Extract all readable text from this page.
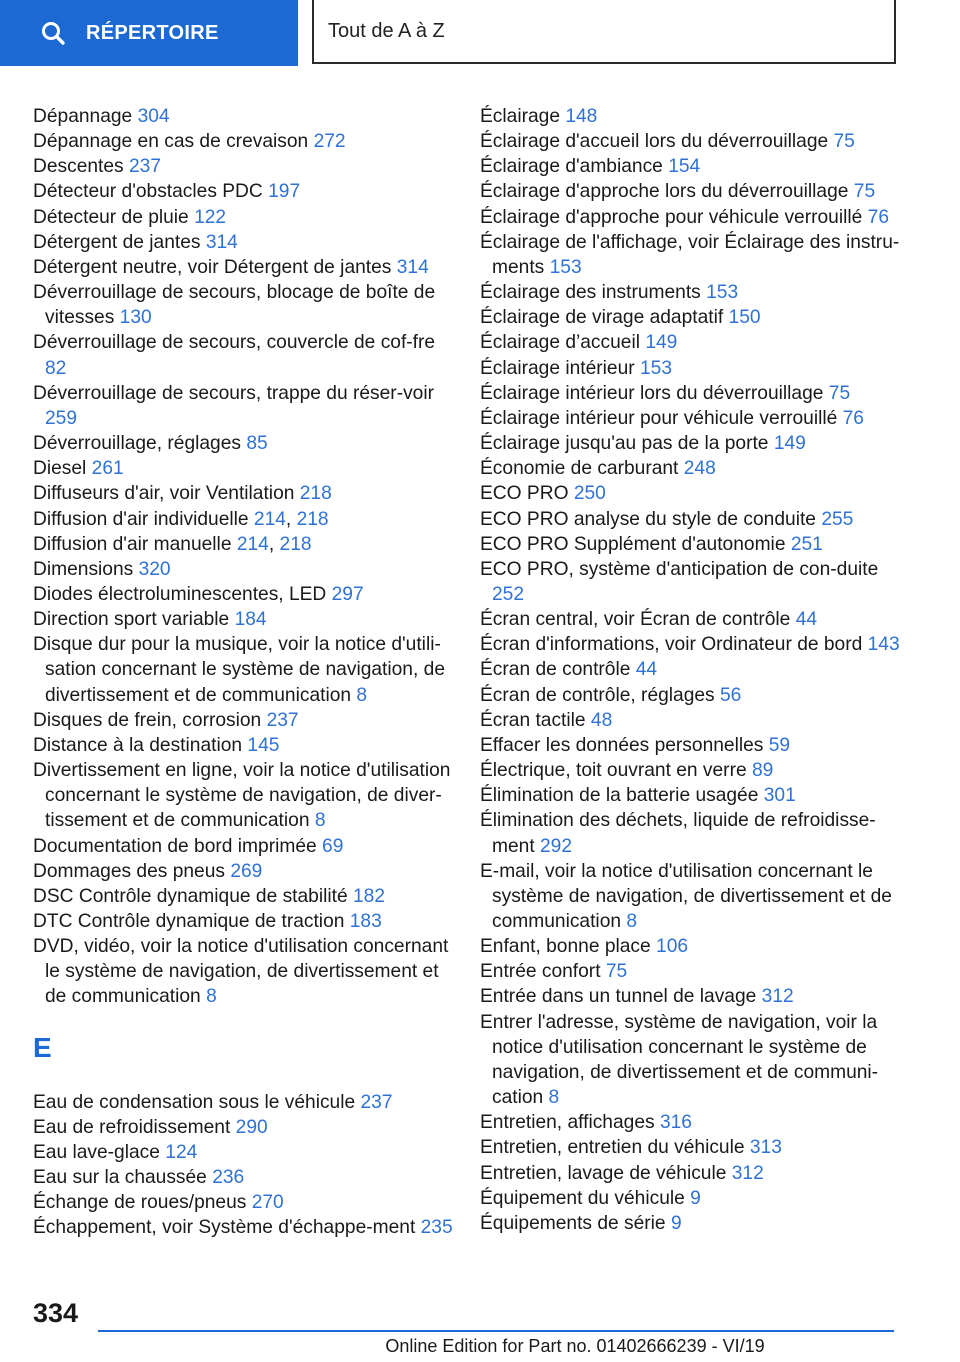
RÉPERTOIRE	Tout de A à Z

Dépannage 304

Dépannage en cas de crevaison 272

Descentes 237

Détecteur d'obstacles PDC 197

Détecteur de pluie 122

Détergent de jantes 314

Détergent neutre, voir Détergent de jantes 314

Déverrouillage de secours, blocage de boîte de vitesses 130

Déverrouillage de secours, couvercle de cof-fre 82

Déverrouillage de secours, trappe du réser-voir 259

Déverrouillage, réglages 85

Diesel 261

Diffuseurs d'air, voir Ventilation 218

Diffusion d'air individuelle 214, 218

Diffusion d'air manuelle 214, 218

Dimensions 320

Diodes électroluminescentes, LED 297

Direction sport variable 184

Disque dur pour la musique, voir la notice d'utili-sation concernant le système de navigation, de divertissement et de communication 8

Disques de frein, corrosion 237

Distance à la destination 145

Divertissement en ligne, voir la notice d'utilisation concernant le système de navigation, de diver-tissement et de communication 8

Documentation de bord imprimée 69

Dommages des pneus 269

DSC Contrôle dynamique de stabilité 182

DTC Contrôle dynamique de traction 183

DVD, vidéo, voir la notice d'utilisation concernant le système de navigation, de divertissement et de communication 8

E

Eau de condensation sous le véhicule 237

Eau de refroidissement 290

Eau lave-glace 124

Eau sur la chaussée 236

Échange de roues/pneus 270

Échappement, voir Système d'échappe-ment 235

Éclairage 148

Éclairage d'accueil lors du déverrouillage 75

Éclairage d'ambiance 154

Éclairage d'approche lors du déverrouillage 75

Éclairage d'approche pour véhicule verrouillé 76

Éclairage de l'affichage, voir Éclairage des instru-ments 153

Éclairage des instruments 153

Éclairage de virage adaptatif 150

Éclairage d’accueil 149

Éclairage intérieur 153

Éclairage intérieur lors du déverrouillage 75

Éclairage intérieur pour véhicule verrouillé 76

Éclairage jusqu'au pas de la porte 149

Économie de carburant 248

ECO PRO 250

ECO PRO analyse du style de conduite 255

ECO PRO Supplément d'autonomie 251

ECO PRO, système d'anticipation de con-duite 252

Écran central, voir Écran de contrôle 44

Écran d'informations, voir Ordinateur de bord 143

Écran de contrôle 44

Écran de contrôle, réglages 56

Écran tactile 48

Effacer les données personnelles 59

Électrique, toit ouvrant en verre 89

Élimination de la batterie usagée 301

Élimination des déchets, liquide de refroidisse-ment 292

E-mail, voir la notice d'utilisation concernant le système de navigation, de divertissement et de communication 8

Enfant, bonne place 106

Entrée confort 75

Entrée dans un tunnel de lavage 312

Entrer l'adresse, système de navigation, voir la notice d'utilisation concernant le système de navigation, de divertissement et de communi-cation 8

Entretien, affichages 316

Entretien, entretien du véhicule 313

Entretien, lavage de véhicule 312

Équipement du véhicule 9

Équipements de série 9

334
Online Edition for Part no. 01402666239 - VI/19
